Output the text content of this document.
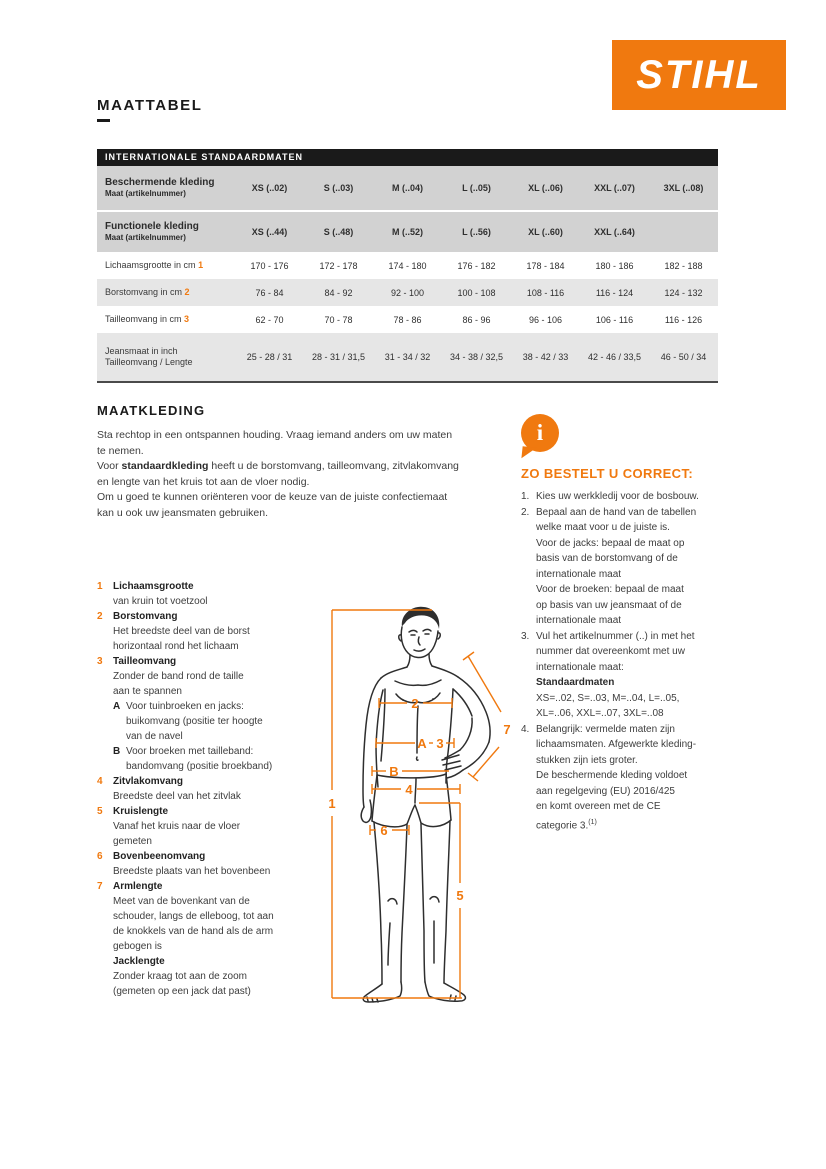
MAATTABEL
STIHL
INTERNATIONALE STANDAARDMATEN
Beschermende kleding
Maat (artikelnummer)
XS (..02)	S (..03)	M (..04)	L (..05)	XL (..06)	XXL (..07)	3XL (..08)
Functionele kleding
Maat (artikelnummer)
XS (..44)	S (..48)	M (..52)	L (..56)	XL (..60)	XXL (..64)
Lichaamsgrootte in cm 1	170 - 176	172 - 178	174 - 180	176 - 182	178 - 184	180 - 186	182 - 188
Borstomvang in cm 2	76 - 84	84 - 92	92 - 100	100 - 108	108 - 116	116 - 124	124 - 132
Tailleomvang in cm 3	62 - 70	70 - 78	78 - 86	86 - 96	96 - 106	106 - 116	116 - 126
Jeansmaat in inch
Tailleomvang / Lengte	25 - 28 / 31	28 - 31 / 31,5	31 - 34 / 32	34 - 38 / 32,5	38 - 42 / 33	42 - 46 / 33,5	46 - 50 / 34
MAATKLEDING

Sta rechtop in een ontspannen houding. Vraag iemand anders om uw maten
te nemen.
Voor standaardkleding heeft u de borstomvang, tailleomvang, zitvlakomvang
en lengte van het kruis tot aan de vloer nodig.
Om u goed te kunnen oriënteren voor de keuze van de juiste confectiemaat
kan u ook uw jeansmaten gebruiken.

i
ZO BESTELT U CORRECT:
1. Kies uw werkkledij voor de bosbouw.
2. Bepaal aan de hand van de tabellen
welke maat voor u de juiste is.
Voor de jacks: bepaal de maat op
basis van de borstomvang of de
internationale maat
Voor de broeken: bepaal de maat
op basis van uw jeansmaat of de
internationale maat
3. Vul het artikelnummer (..) in met het
nummer dat overeenkomt met uw
internationale maat:
Standaardmaten
XS=..02, S=..03, M=..04, L=..05,
XL=..06, XXL=..07, 3XL=..08
4. Belangrijk: vermelde maten zijn
lichaamsmaten. Afgewerkte kleding-
stukken zijn iets groter.
De beschermende kleding voldoet
aan regelgeving (EU) 2016/425
en komt overeen met de CE
categorie 3.$^{(1)}$
1	Lichaamsgrootte
van kruin tot voetzool
2	Borstomvang
Het breedste deel van de borst
horizontaal rond het lichaam
3	Tailleomvang
Zonder de band rond de taille
aan te spannen
A Voor tuinbroeken en jacks:
buikomvang (positie ter hoogte
van de navel
B Voor broeken met tailleband:
bandomvang (positie broekband)
4	Zitvlakomvang
Breedste deel van het zitvlak
5	Kruislengte
Vanaf het kruis naar de vloer
gemeten
6	Bovenbeenomvang
Breedste plaats van het bovenbeen
7	Armlengte
Meet van de bovenkant van de
schouder, langs de elleboog, tot aan
de knokkels van de hand als de arm
gebogen is
Jacklengte
Zonder kraag tot aan de zoom
(gemeten op een jack dat past)
1
2
A 3
B
4
6
5
7
